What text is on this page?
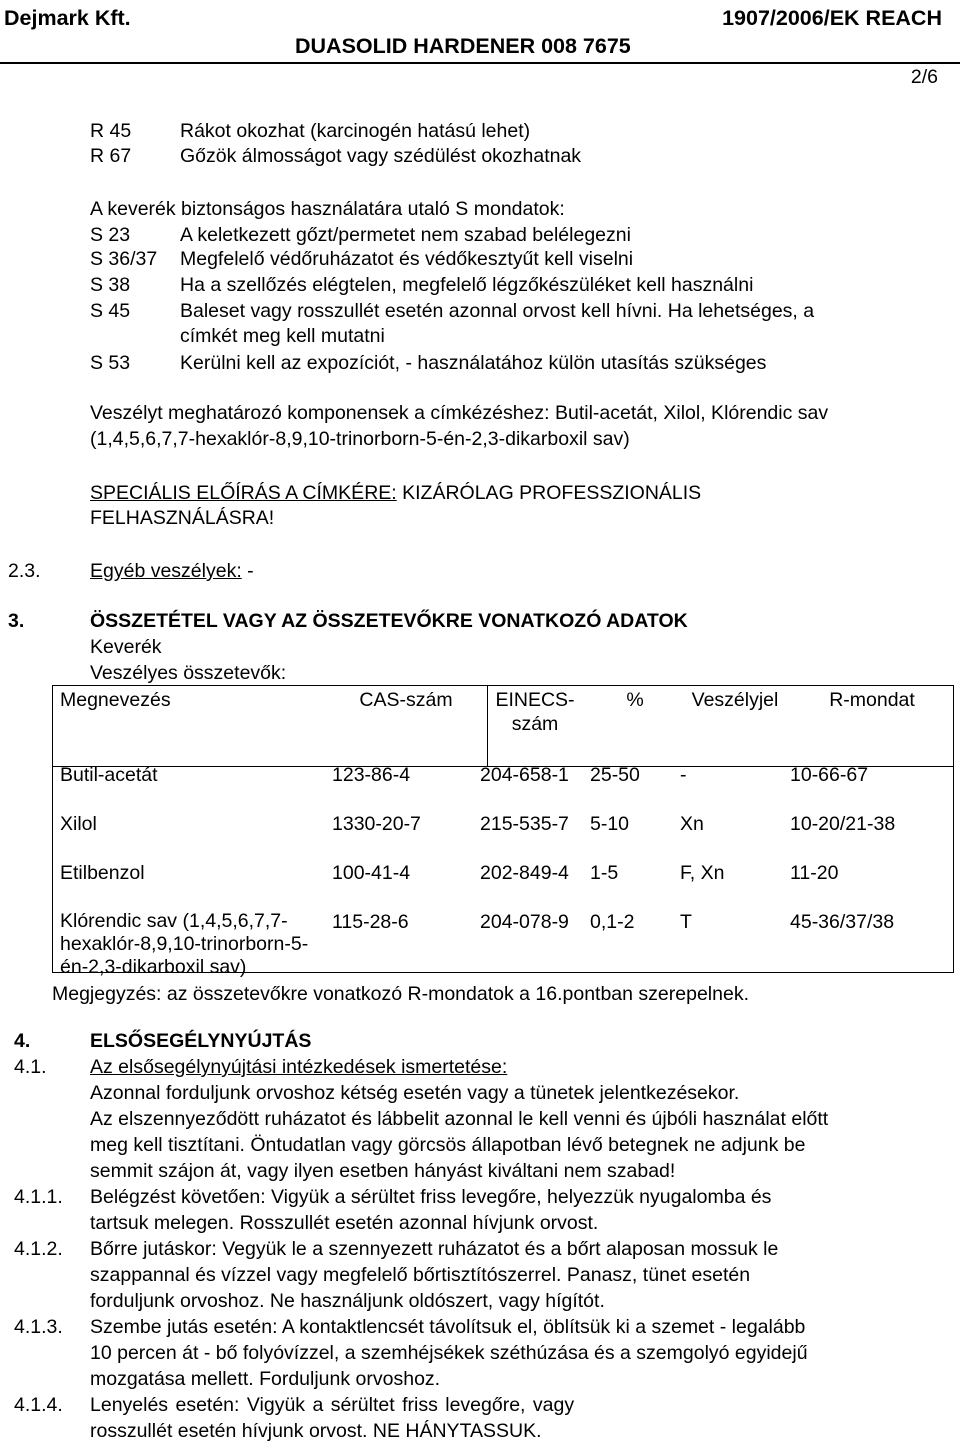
Dejmark Kft.	1907/2006/EK REACH
DUASOLID HARDENER 008 7675
2/6
R 45	Rákot okozhat (karcinogén hatású lehet)
R 67	Gőzök álmosságot vagy szédülést okozhatnak
A keverék biztonságos használatára utaló S mondatok:
S 23	A keletkezett gőzt/permetet nem szabad belélegezni
S 36/37 Megfelelő védőruházatot és védőkesztyűt kell viselni
S 38	Ha a szellőzés elégtelen, megfelelő légzőkészüléket kell használni
S 45	Baleset vagy rosszullét esetén azonnal orvost kell hívni. Ha lehetséges, a
címkét meg kell mutatni
S 53	Kerülni kell az expozíciót, - használatához külön utasítás szükséges
Veszélyt meghatározó komponensek a címkézéshez: Butil-acetát, Xilol, Klórendic sav
(1,4,5,6,7,7-hexaklór-8,9,10-trinorborn-5-én-2,3-dikarboxil sav)
SPECIÁLIS ELŐÍRÁS A CÍMKÉRE: KIZÁRÓLAG PROFESSZIONÁLIS
FELHASZNÁLÁSRA!
2.3.	Egyéb veszélyek: -
3.	ÖSSZETÉTEL VAGY AZ ÖSSZETEVŐKRE VONATKOZÓ ADATOK
Keverék
Veszélyes összetevők:
Megnevezés	CAS-szám	EINECS-
szám	%	Veszélyjel	R-mondat
Butil-acetát	123-86-4	204-658-1	25-50	-	10-66-67
Xilol	1330-20-7	215-535-7	5-10	Xn	10-20/21-38
Etilbenzol	100-41-4	202-849-4	1-5	F, Xn	11-20

Klórendic sav (1,4,5,6,7,7-
hexaklór-8,9,10-trinorborn-5-
én-2,3-dikarboxil sav)	115-28-6	204-078-9	0,1-2	T	45-36/37/38
Megjegyzés: az összetevőkre vonatkozó R-mondatok a 16.pontban szerepelnek.
4.	ELSŐSEGÉLYNYÚJTÁS
4.1. Az elsősegélynyújtási intézkedések ismertetése:
Azonnal forduljunk orvoshoz kétség esetén vagy a tünetek jelentkezésekor.
Az elszennyeződött ruházatot és lábbelit azonnal le kell venni és újbóli használat előtt
meg kell tisztítani. Öntudatlan vagy görcsös állapotban lévő betegnek ne adjunk be
semmit szájon át, vagy ilyen esetben hányást kiváltani nem szabad!
4.1.1. Belégzést követően: Vigyük a sérültet friss levegőre, helyezzük nyugalomba és
tartsuk melegen. Rosszullét esetén azonnal hívjunk orvost.
4.1.2. Bőrre jutáskor: Vegyük le a szennyezett ruházatot és a bőrt alaposan mossuk le
szappannal és vízzel vagy megfelelő bőrtisztítószerrel. Panasz, tünet esetén
forduljunk orvoshoz. Ne használjunk oldószert, vagy hígítót.
4.1.3. Szembe jutás esetén: A kontaktlencsét távolítsuk el, öblítsük ki a szemet - legalább
10 percen át - bő folyóvízzel, a szemhéjsékek széthúzása és a szemgolyó egyidejű
mozgatása mellett. Forduljunk orvoshoz.
4.1.4. Lenyelés esetén: Vigyük a sérültet friss levegőre, vagy
rosszullét esetén hívjunk orvost. NE HÁNYTASSUK.
